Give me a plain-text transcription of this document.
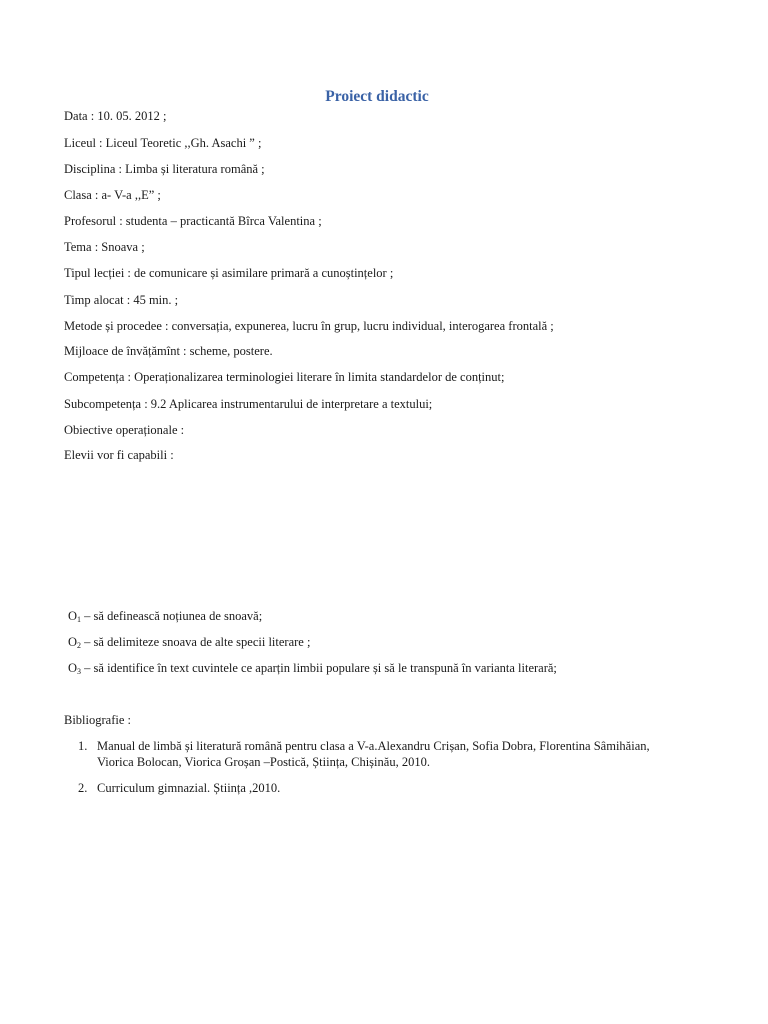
Proiect didactic
Data : 10. 05. 2012 ;
Liceul : Liceul Teoretic ,,Gh. Asachi ” ;
Disciplina : Limba și literatura română ;
Clasa : a- V-a ,,E” ;
Profesorul : studenta – practicantă Bîrca Valentina ;
Tema : Snoava ;
Tipul lecției : de comunicare și asimilare primară a cunoștințelor ;
Timp alocat : 45 min. ;
Metode și procedee : conversația, expunerea, lucru în grup, lucru individual, interogarea frontală ;
Mijloace de învățămînt : scheme, postere.
Competența : Operaționalizarea terminologiei literare în limita standardelor de conținut;
Subcompetența : 9.2 Aplicarea instrumentarului de interpretare a textului;
Obiective operaționale :
Elevii vor fi capabili :
$O_1$ – să definească noțiunea de snoavă;
$O_2$ – să delimiteze snoava de alte specii literare ;
$O_3$ – să identifice în text cuvintele ce aparțin limbii populare și să le transpună în varianta literară;
Bibliografie :
1. Manual de limbă și literatură română pentru clasa a V-a.Alexandru Crișan, Sofia Dobra, Florentina Sâmihăian, Viorica Bolocan, Viorica Groșan –Postică, Știința, Chișinău, 2010.
2. Curriculum gimnazial. Știința ,2010.
